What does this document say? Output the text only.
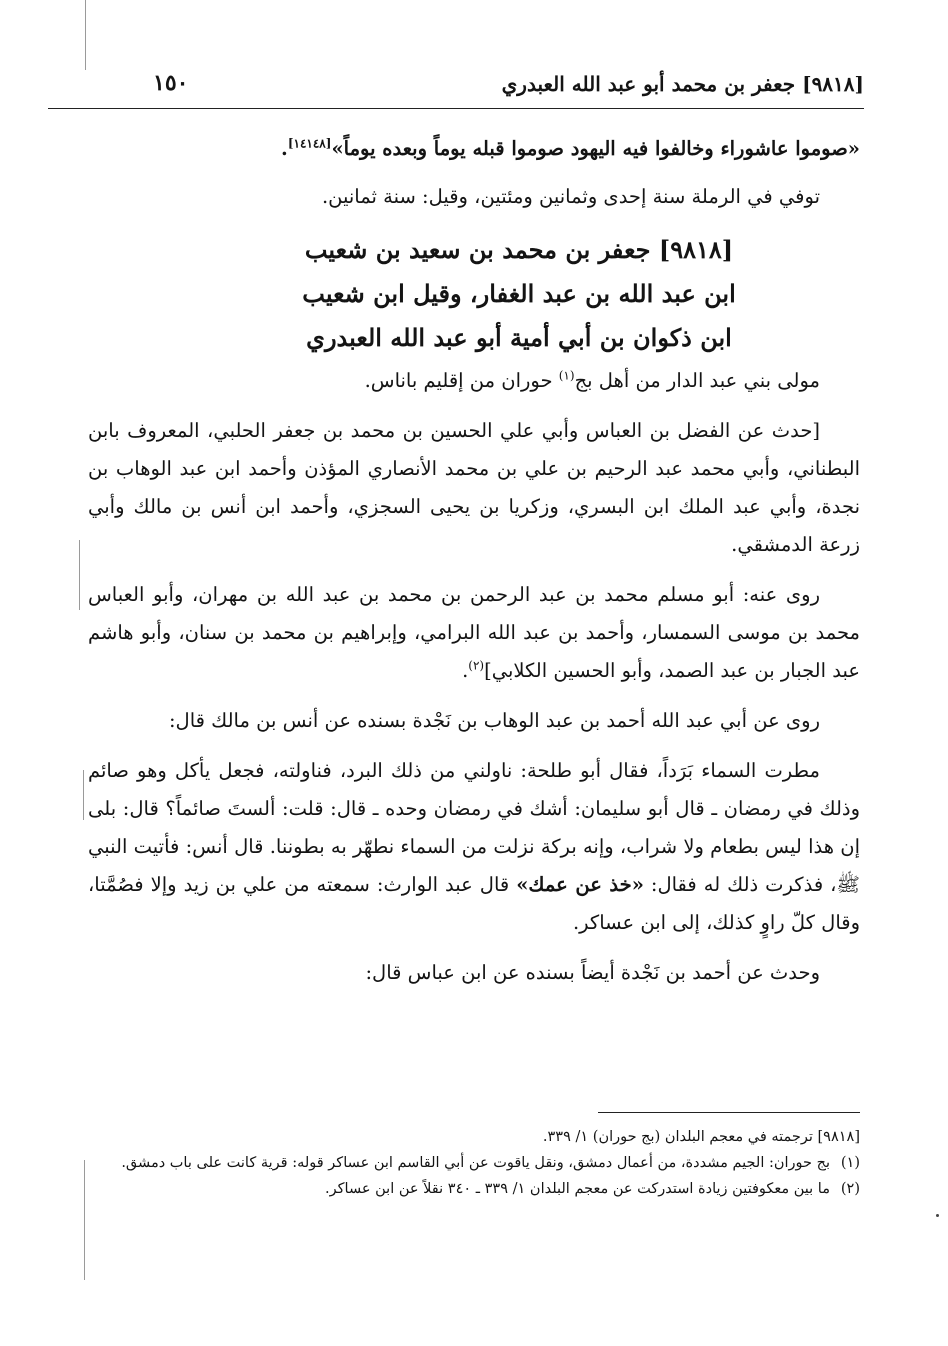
[٩٨١٨] جعفر بن محمد أبو عبد الله العبدري
١٥٠

«صوموا عاشوراء وخالفوا فيه اليهود صوموا قبله يوماً وبعده يوماً»[١٤١٤٨].

توفي في الرملة سنة إحدى وثمانين ومئتين، وقيل: سنة ثمانين.

[٩٨١٨] جعفر بن محمد بن سعيد بن شعيب
ابن عبد الله بن عبد الغفار، وقيل ابن شعيب
ابن ذكوان بن أبي أمية أبو عبد الله العبدري

مولى بني عبد الدار من أهل بج$^{(١)}$ حوران من إقليم باناس.

[حدث عن الفضل بن العباس وأبي علي الحسين بن محمد بن جعفر الحلبي، المعروف بابن البطناني، وأبي محمد عبد الرحيم بن علي بن محمد الأنصاري المؤذن وأحمد ابن عبد الوهاب بن نجدة، وأبي عبد الملك ابن البسري، وزكريا بن يحيى السجزي، وأحمد ابن أنس بن مالك وأبي زرعة الدمشقي.

روى عنه: أبو مسلم محمد بن عبد الرحمن بن محمد بن عبد الله بن مهران، وأبو العباس محمد بن موسى السمسار، وأحمد بن عبد الله البرامي، وإبراهيم بن محمد بن سنان، وأبو هاشم عبد الجبار بن عبد الصمد، وأبو الحسين الكلابي]$^{(٢)}$.

روى عن أبي عبد الله أحمد بن عبد الوهاب بن نَجْدة بسنده عن أنس بن مالك قال:

مطرت السماء بَرَداً، فقال أبو طلحة: ناولني من ذلك البرد، فناولته، فجعل يأكل وهو صائم وذلك في رمضان ـ قال أبو سليمان: أشك في رمضان وحده ـ قال: قلت: ألستَ صائماً؟ قال: بلى إن هذا ليس بطعام ولا شراب، وإنه بركة نزلت من السماء نطهّر به بطوننا. قال أنس: فأتيت النبي ﷺ، فذكرت ذلك له فقال: «خذ عن عمك» قال عبد الوارث: سمعته من علي بن زيد وإلا فصُمَّتا، وقال كلّ راوٍ كذلك، إلى ابن عساكر.

وحدث عن أحمد بن نَجْدة أيضاً بسنده عن ابن عباس قال:

[٩٨١٨] ترجمته في معجم البلدان (بج حوران) ١/ ٣٣٩.

(١)بج حوران: الجيم مشددة، من أعمال دمشق، ونقل ياقوت عن أبي القاسم ابن عساكر قوله: قرية كانت على باب دمشق.

(٢)ما بين معكوفتين زيادة استدركت عن معجم البلدان ١/ ٣٣٩ ـ ٣٤٠ نقلاً عن ابن عساكر.
